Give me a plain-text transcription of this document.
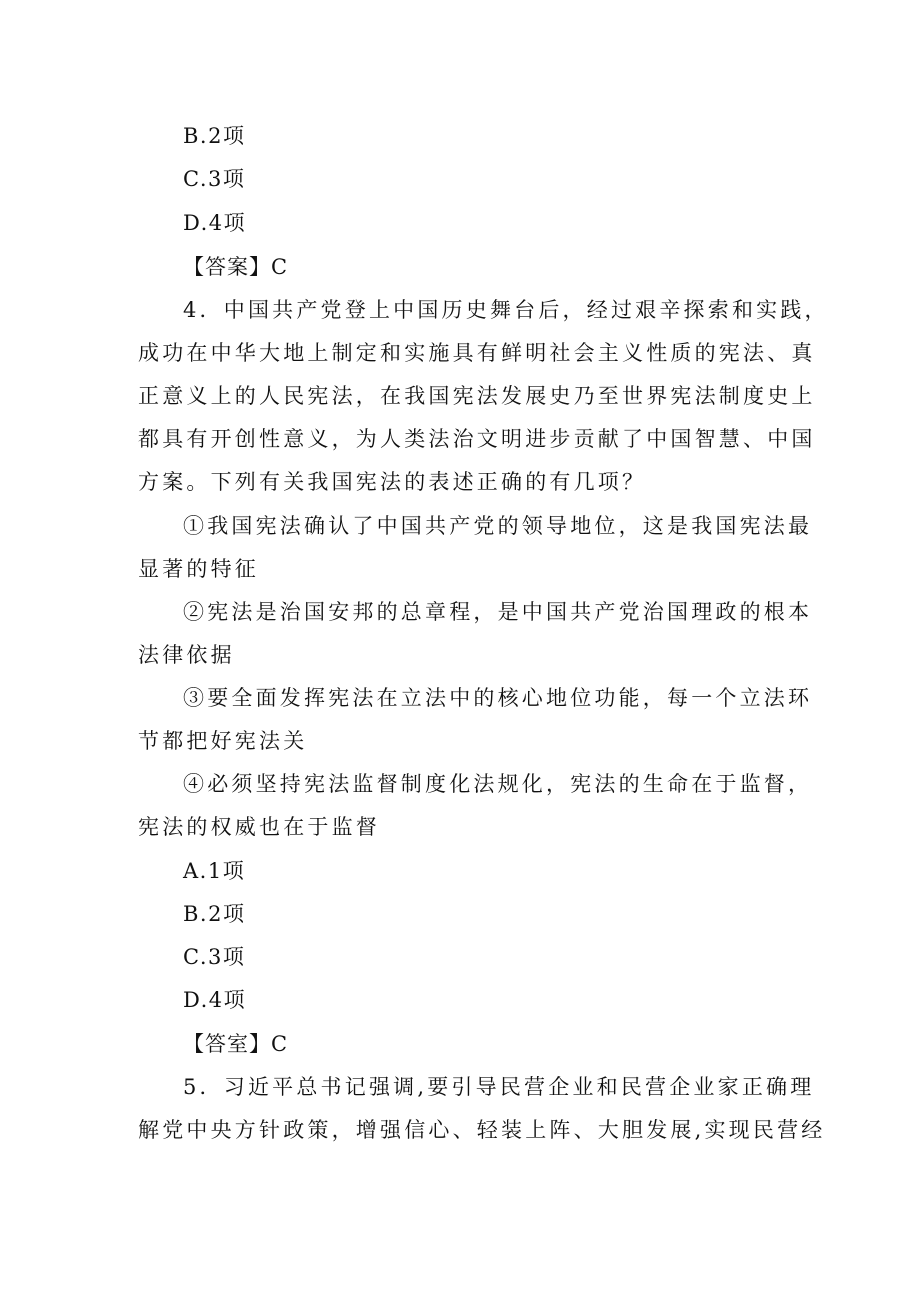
B.2项
C.3项
D.4项
【答案】C
4．中国共产党登上中国历史舞台后，经过艰辛探索和实践，
成功在中华大地上制定和实施具有鲜明社会主义性质的宪法、真
正意义上的人民宪法，在我国宪法发展史乃至世界宪法制度史上
都具有开创性意义，为人类法治文明进步贡献了中国智慧、中国
方案。下列有关我国宪法的表述正确的有几项？
①我国宪法确认了中国共产党的领导地位，这是我国宪法最
显著的特征
②宪法是治国安邦的总章程，是中国共产党治国理政的根本
法律依据
③要全面发挥宪法在立法中的核心地位功能，每一个立法环
节都把好宪法关
④必须坚持宪法监督制度化法规化，宪法的生命在于监督，
宪法的权威也在于监督
A.1项
B.2项
C.3项
D.4项
【答室】C
5．习近平总书记强调,要引导民营企业和民营企业家正确理
解党中央方针政策，增强信心、轻装上阵、大胆发展,实现民营经
